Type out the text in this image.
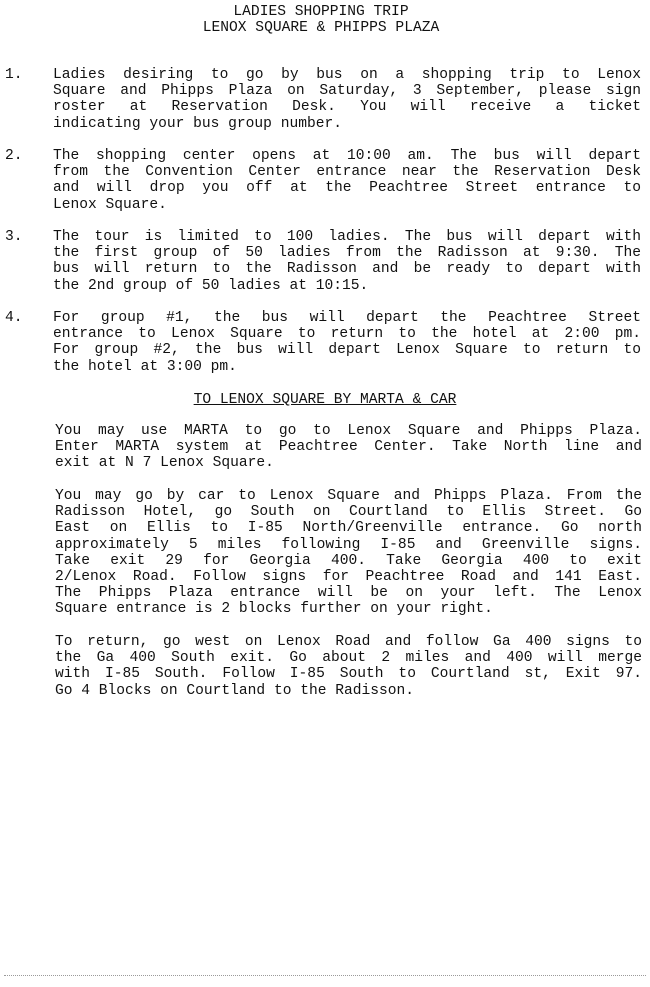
LADIES SHOPPING TRIP
LENOX SQUARE & PHIPPS PLAZA
1. Ladies desiring to go by bus on a shopping trip to Lenox
Square and Phipps Plaza on Saturday, 3 September, please sign
roster at Reservation Desk. You will receive a ticket
indicating your bus group number.
2. The shopping center opens at 10:00 am. The bus will depart
from the Convention Center entrance near the Reservation Desk
and will drop you off at the Peachtree Street entrance to
Lenox Square.
3. The tour is limited to 100 ladies. The bus will depart with
the first group of 50 ladies from the Radisson at 9:30. The
bus will return to the Radisson and be ready to depart with
the 2nd group of 50 ladies at 10:15.
4. For group #1, the bus will depart the Peachtree Street
entrance to Lenox Square to return to the hotel at 2:00 pm.
For group #2, the bus will depart Lenox Square to return to
the hotel at 3:00 pm.
TO LENOX SQUARE BY MARTA & CAR
You may use MARTA to go to Lenox Square and Phipps Plaza.
Enter MARTA system at Peachtree Center. Take North line and
exit at N 7 Lenox Square.
You may go by car to Lenox Square and Phipps Plaza. From the
Radisson Hotel, go South on Courtland to Ellis Street. Go
East on Ellis to I-85 North/Greenville entrance. Go north
approximately 5 miles following I-85 and Greenville signs.
Take exit 29 for Georgia 400. Take Georgia 400 to exit
2/Lenox Road. Follow signs for Peachtree Road and 141 East.
The Phipps Plaza entrance will be on your left. The Lenox
Square entrance is 2 blocks further on your right.
To return, go west on Lenox Road and follow Ga 400 signs to
the Ga 400 South exit. Go about 2 miles and 400 will merge
with I-85 South. Follow I-85 South to Courtland st, Exit 97.
Go 4 Blocks on Courtland to the Radisson.
